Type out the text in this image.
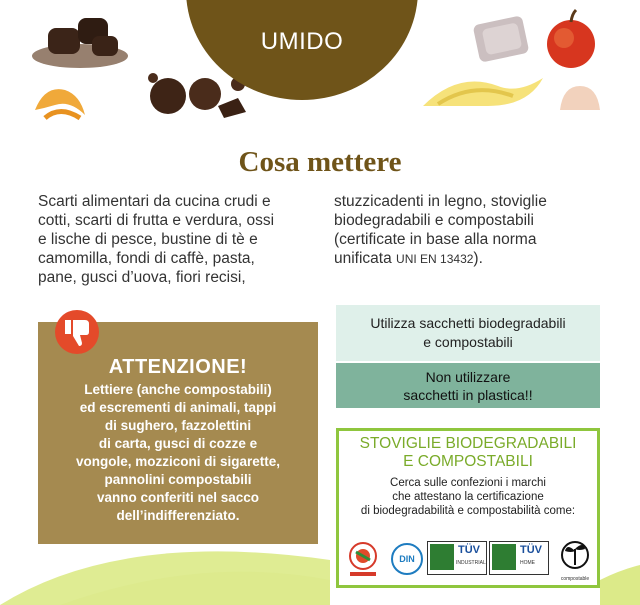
UMIDO
Cosa mettere
Scarti alimentari da cucina crudi e
cotti, scarti di frutta e verdura, ossi
e lische di pesce, bustine di tè e
camomilla, fondi di caffè, pasta,
pane, gusci d’uova, fiori recisi,
stuzzicadenti in legno, stoviglie
biodegradabili e compostabili
(certificate in base alla norma
unificata UNI EN 13432).
ATTENZIONE!
Lettiere (anche compostabili)
ed escrementi di animali, tappi
di sughero, fazzolettini
di carta, gusci di cozze e
vongole, mozziconi di sigarette,
pannolini compostabili
vanno conferiti nel sacco
dell’indifferenziato.
Utilizza sacchetti biodegradabili
e compostabili
Non utilizzare
sacchetti in plastica!!
STOVIGLIE BIODEGRADABILI
E COMPOSTABILI
Cerca sulle confezioni i marchi
che attestano la certificazione
di biodegradabilità e compostabilità come:
DIN
TÜV
INDUSTRIAL
TÜV
HOME
compostable
